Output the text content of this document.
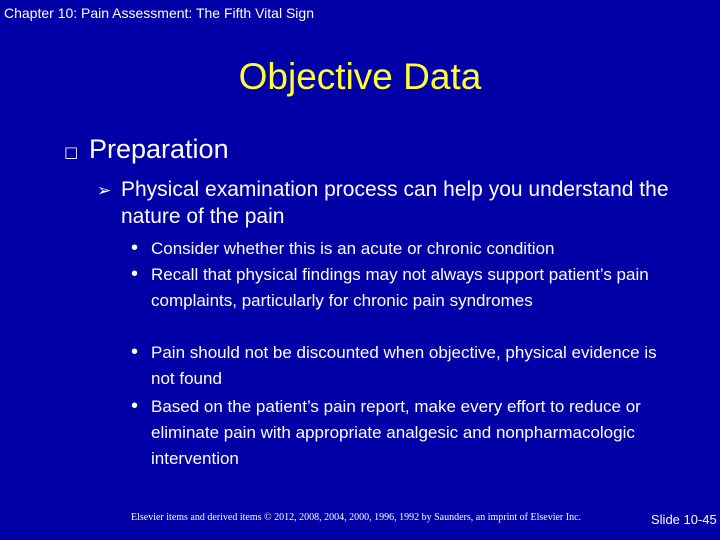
Chapter 10: Pain Assessment: The Fifth Vital Sign
Objective Data
□ Preparation
➢ Physical examination process can help you understand the nature of the pain
• Consider whether this is an acute or chronic condition
• Recall that physical findings may not always support patient’s pain complaints, particularly for chronic pain syndromes
• Pain should not be discounted when objective, physical evidence is not found
• Based on the patient’s pain report, make every effort to reduce or eliminate pain with appropriate analgesic and nonpharmacologic intervention
Elsevier items and derived items © 2012, 2008, 2004, 2000, 1996, 1992 by Saunders, an imprint of Elsevier Inc.	Slide 10-45
